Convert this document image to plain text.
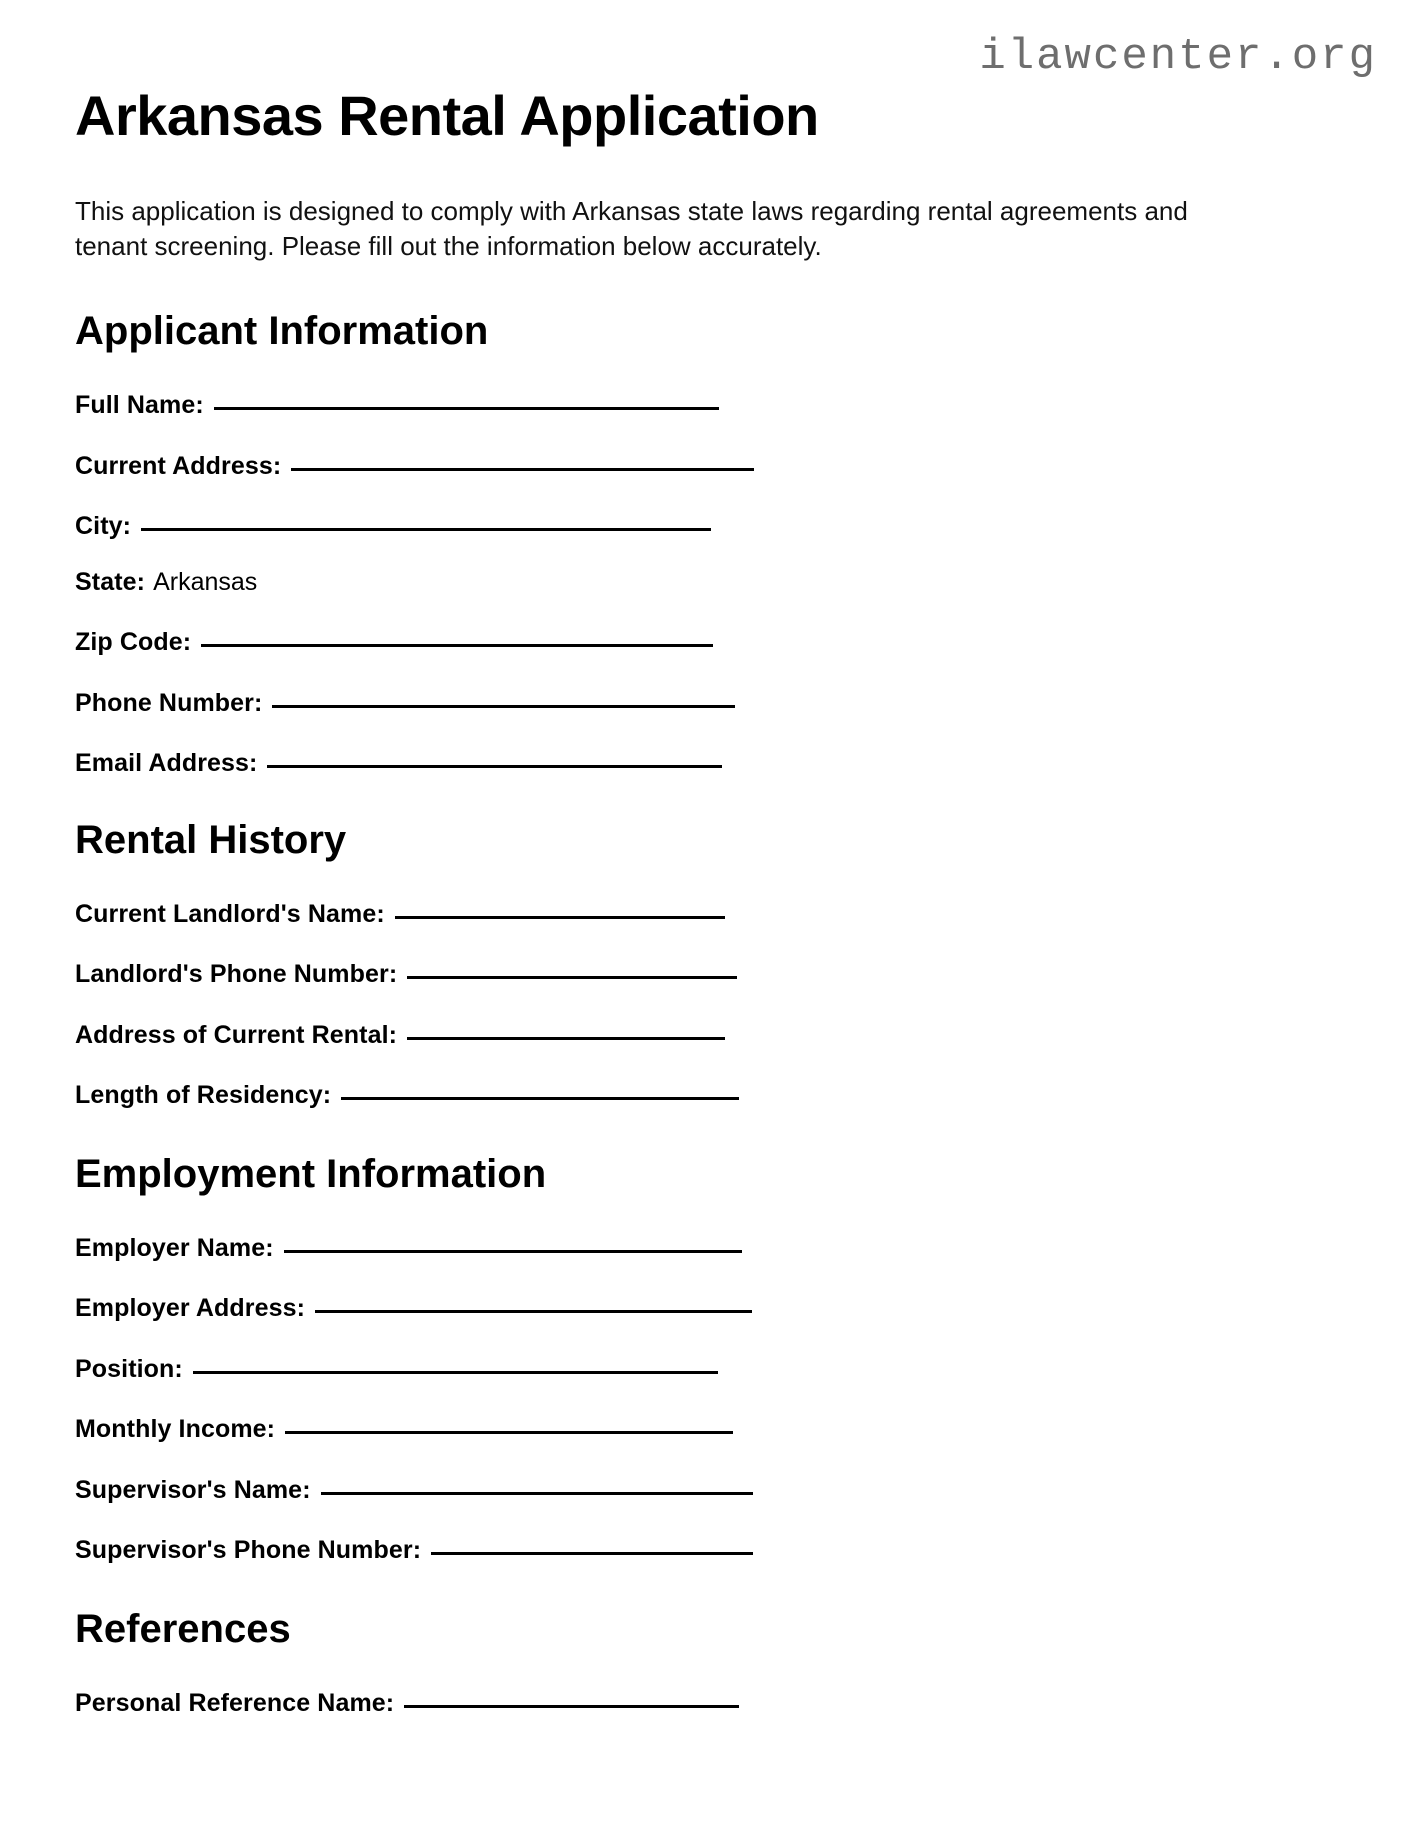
ilawcenter.org
Arkansas Rental Application

This application is designed to comply with Arkansas state laws regarding rental agreements and tenant screening. Please fill out the information below accurately.

Applicant Information
Full Name:
Current Address:
City:
State: Arkansas
Zip Code:
Phone Number:
Email Address:
Rental History
Current Landlord's Name:
Landlord's Phone Number:
Address of Current Rental:
Length of Residency:
Employment Information
Employer Name:
Employer Address:
Position:
Monthly Income:
Supervisor's Name:
Supervisor's Phone Number:
References
Personal Reference Name:
